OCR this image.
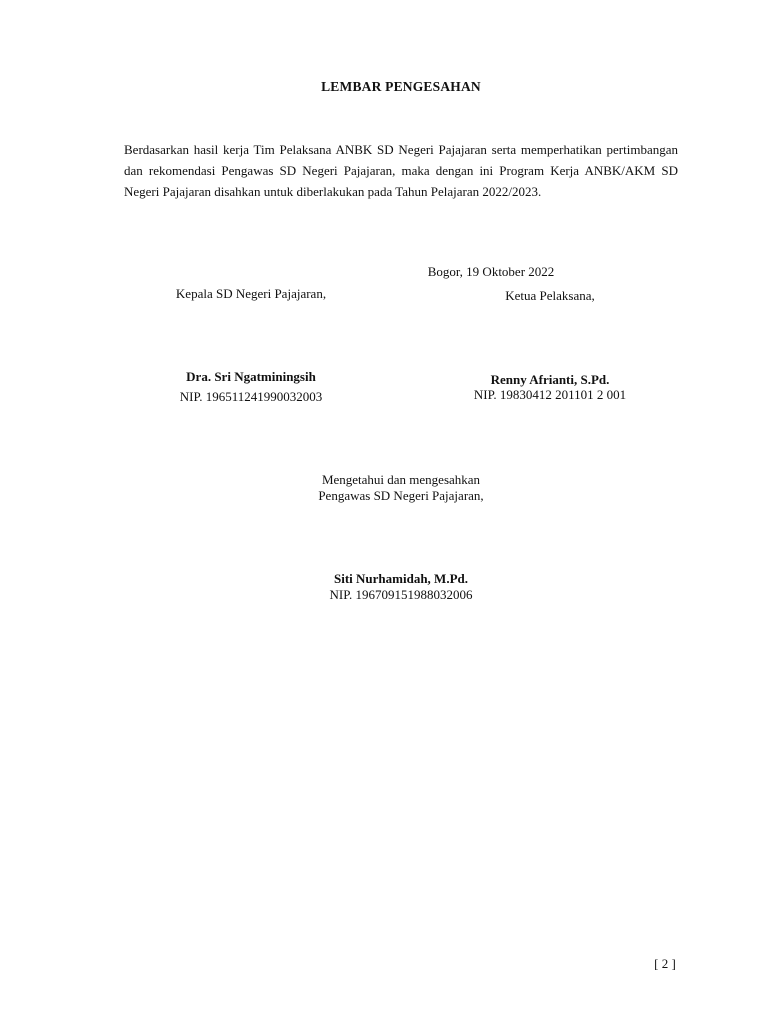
LEMBAR PENGESAHAN
Berdasarkan hasil kerja Tim Pelaksana ANBK SD Negeri Pajajaran serta memperhatikan pertimbangan dan rekomendasi Pengawas SD Negeri Pajajaran, maka dengan ini Program Kerja ANBK/AKM SD Negeri Pajajaran disahkan untuk diberlakukan pada Tahun Pelajaran 2022/2023.
Bogor, 19 Oktober 2022
Kepala SD Negeri Pajajaran,	Ketua Pelaksana,
Dra. Sri Ngatminingsih
NIP. 196511241990032003
Renny Afrianti, S.Pd.
NIP. 19830412 201101 2 001
Mengetahui dan mengesahkan
Pengawas SD Negeri Pajajaran,
Siti Nurhamidah, M.Pd.
NIP. 196709151988032006
[ 2 ]
